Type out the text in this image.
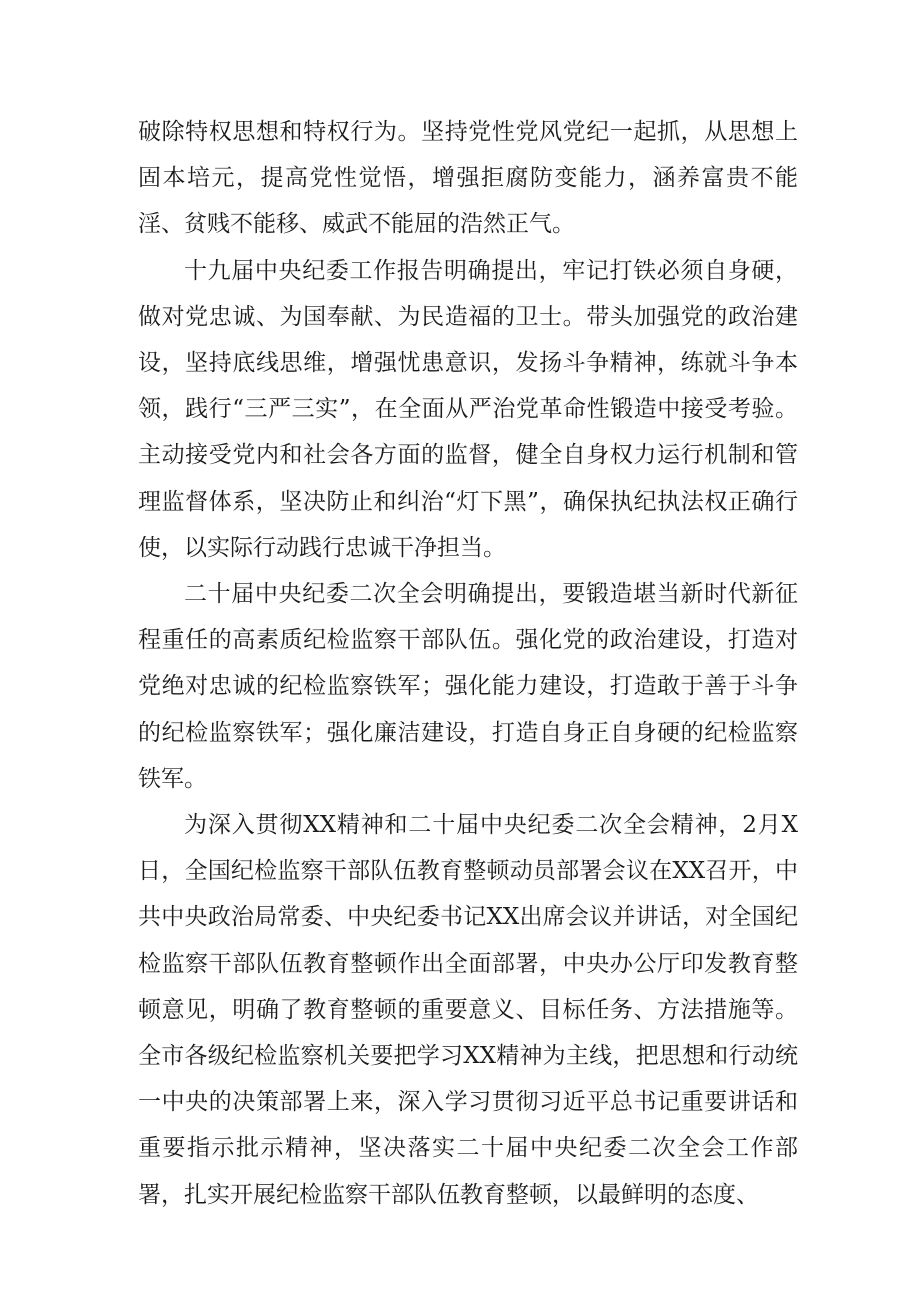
破除特权思想和特权行为。坚持党性党风党纪一起抓，从思想上固本培元，提高党性觉悟，增强拒腐防变能力，涵养富贵不能淫、贫贱不能移、威武不能屈的浩然正气。

十九届中央纪委工作报告明确提出，牢记打铁必须自身硬，做对党忠诚、为国奉献、为民造福的卫士。带头加强党的政治建设，坚持底线思维，增强忧患意识，发扬斗争精神，练就斗争本领，践行“三严三实”，在全面从严治党革命性锻造中接受考验。主动接受党内和社会各方面的监督，健全自身权力运行机制和管理监督体系，坚决防止和纠治“灯下黑”，确保执纪执法权正确行使，以实际行动践行忠诚干净担当。

二十届中央纪委二次全会明确提出，要锻造堪当新时代新征程重任的高素质纪检监察干部队伍。强化党的政治建设，打造对党绝对忠诚的纪检监察铁军；强化能力建设，打造敢于善于斗争的纪检监察铁军；强化廉洁建设，打造自身正自身硬的纪检监察铁军。

为深入贯彻XX精神和二十届中央纪委二次全会精神，2月X日，全国纪检监察干部队伍教育整顿动员部署会议在XX召开，中共中央政治局常委、中央纪委书记XX出席会议并讲话，对全国纪检监察干部队伍教育整顿作出全面部署，中央办公厅印发教育整顿意见，明确了教育整顿的重要意义、目标任务、方法措施等。全市各级纪检监察机关要把学习XX精神为主线，把思想和行动统一中央的决策部署上来，深入学习贯彻习近平总书记重要讲话和重要指示批示精神，坚决落实二十届中央纪委二次全会工作部署，扎实开展纪检监察干部队伍教育整顿，以最鲜明的态度、
